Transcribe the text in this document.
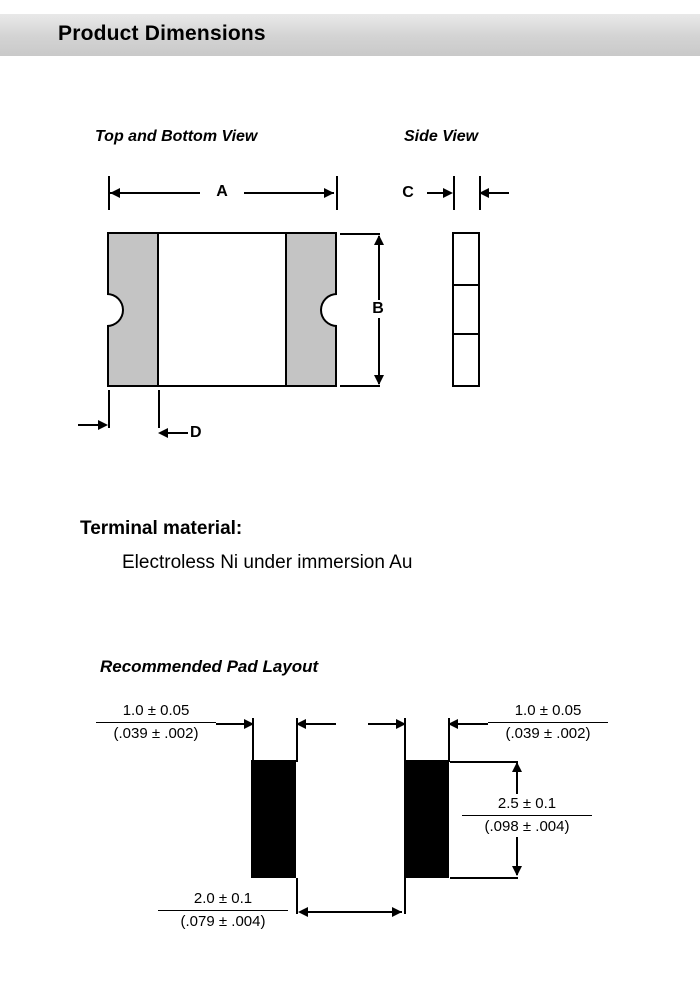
Product Dimensions
Top and Bottom View	Side View
A
B
D
C
Terminal material:
Electroless Ni under immersion Au
Recommended Pad Layout
1.0 ± 0.05
(.039 ± .002)
1.0 ± 0.05
(.039 ± .002)
2.5 ± 0.1
(.098 ± .004)
2.0 ± 0.1
(.079 ± .004)
